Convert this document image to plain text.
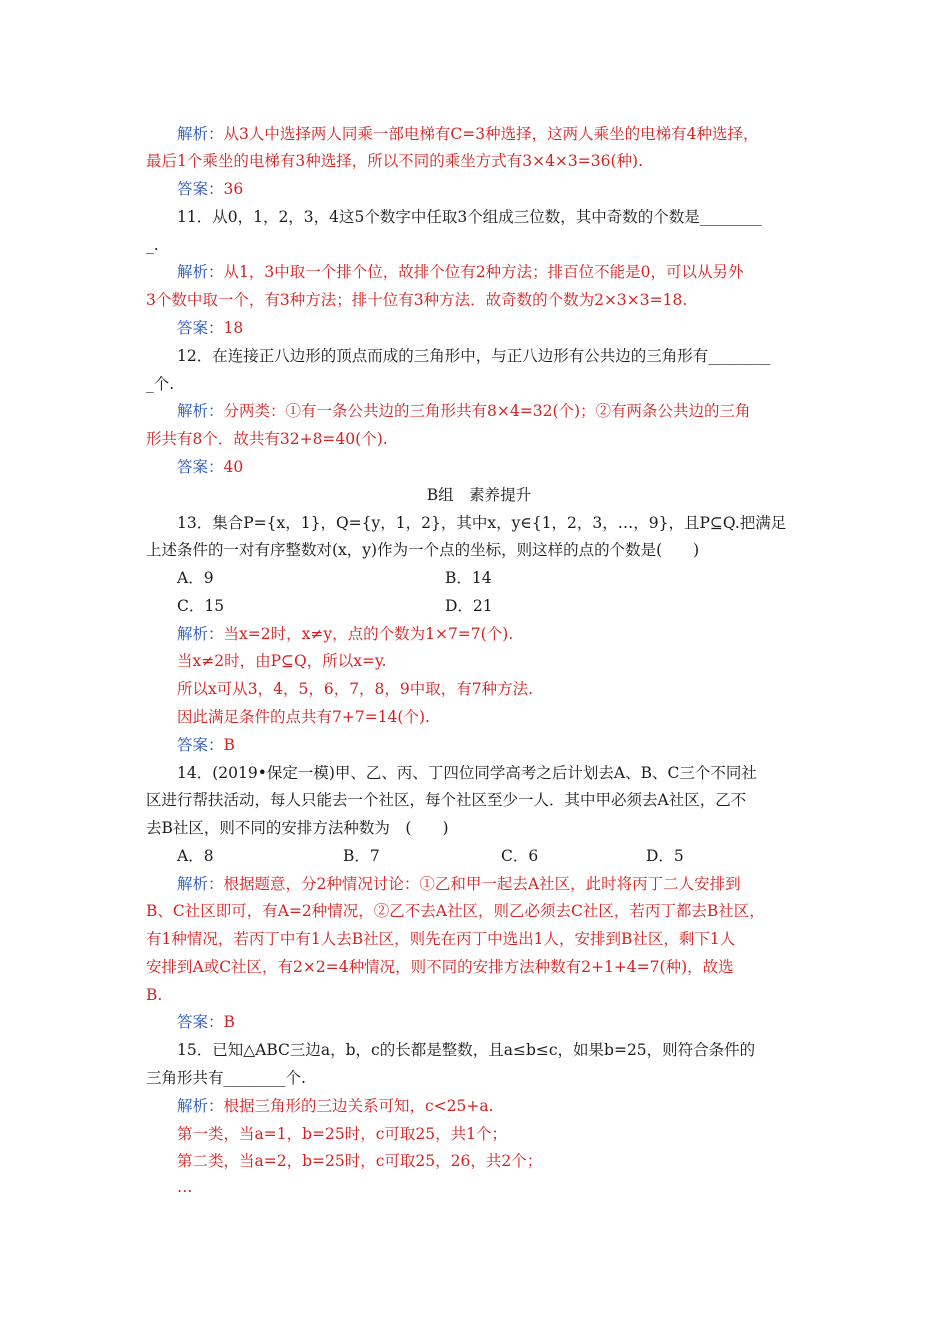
解析：从3人中选择两人同乘一部电梯有C=3种选择，这两人乘坐的电梯有4种选择，
最后1个乘坐的电梯有3种选择，所以不同的乘坐方式有3×4×3=36(种).
答案：36
11．从0，1，2，3，4这5个数字中任取3个组成三位数，其中奇数的个数是________
_.
解析：从1，3中取一个排个位，故排个位有2种方法；排百位不能是0，可以从另外
3个数中取一个，有3种方法；排十位有3种方法．故奇数的个数为2×3×3=18.
答案：18
12．在连接正八边形的顶点而成的三角形中，与正八边形有公共边的三角形有________
_个.
解析：分两类：①有一条公共边的三角形共有8×4=32(个)；②有两条公共边的三角
形共有8个．故共有32+8=40(个).
答案：40
B组　素养提升
13．集合P={x，1}，Q={y，1，2}，其中x，y∈{1，2，3，…，9}，且P⊆Q.把满足
上述条件的一对有序整数对(x，y)作为一个点的坐标，则这样的点的个数是(　　)
A．9	B．14
C．15	D．21
解析：当x=2时，x≠y，点的个数为1×7=7(个).
当x≠2时，由P⊆Q，所以x=y.
所以x可从3，4，5，6，7，8，9中取，有7种方法.
因此满足条件的点共有7+7=14(个).
答案：B
14．(2019•保定一模)甲、乙、丙、丁四位同学高考之后计划去A、B、C三个不同社
区进行帮扶活动，每人只能去一个社区，每个社区至少一人．其中甲必须去A社区，乙不
去B社区，则不同的安排方法种数为　(　　)
A．8	B．7	C．6	D．5
解析：根据题意，分2种情况讨论：①乙和甲一起去A社区，此时将丙丁二人安排到
B、C社区即可，有A=2种情况，②乙不去A社区，则乙必须去C社区，若丙丁都去B社区，
有1种情况，若丙丁中有1人去B社区，则先在丙丁中选出1人，安排到B社区，剩下1人
安排到A或C社区，有2×2=4种情况，则不同的安排方法种数有2+1+4=7(种)，故选
B.
答案：B
15．已知△ABC三边a，b，c的长都是整数，且a≤b≤c，如果b=25，则符合条件的
三角形共有________个.
解析：根据三角形的三边关系可知，c<25+a.
第一类，当a=1，b=25时，c可取25，共1个；
第二类，当a=2，b=25时，c可取25，26，共2个；
…
